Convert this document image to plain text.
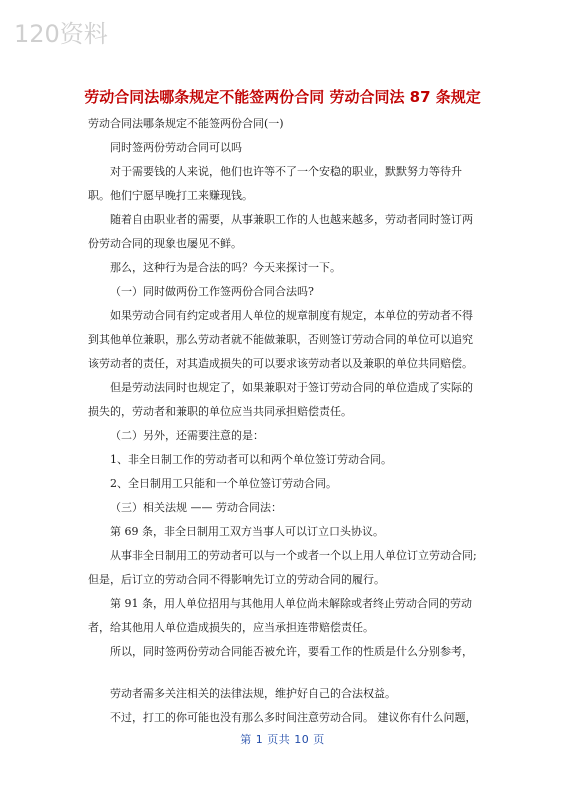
120资料
劳动合同法哪条规定不能签两份合同 劳动合同法 87 条规定

劳动合同法哪条规定不能签两份合同(一)

同时签两份劳动合同可以吗

对于需要钱的人来说，他们也许等不了一个安稳的职业，默默努力等待升职。他们宁愿早晚打工来赚现钱。

随着自由职业者的需要，从事兼职工作的人也越来越多，劳动者同时签订两份劳动合同的现象也屡见不鲜。

那么，这种行为是合法的吗？今天来探讨一下。

（一）同时做两份工作签两份合同合法吗?

如果劳动合同有约定或者用人单位的规章制度有规定，本单位的劳动者不得到其他单位兼职，那么劳动者就不能做兼职，否则签订劳动合同的单位可以追究该劳动者的责任，对其造成损失的可以要求该劳动者以及兼职的单位共同赔偿。

但是劳动法同时也规定了，如果兼职对于签订劳动合同的单位造成了实际的损失的，劳动者和兼职的单位应当共同承担赔偿责任。

（二）另外，还需要注意的是：

1、非全日制工作的劳动者可以和两个单位签订劳动合同。

2、全日制用工只能和一个单位签订劳动合同。

（三）相关法规 —— 劳动合同法：

第 69 条，非全日制用工双方当事人可以订立口头协议。

从事非全日制用工的劳动者可以与一个或者一个以上用人单位订立劳动合同;但是，后订立的劳动合同不得影响先订立的劳动合同的履行。

第 91 条，用人单位招用与其他用人单位尚未解除或者终止劳动合同的劳动者，给其他用人单位造成损失的，应当承担连带赔偿责任。

所以，同时签两份劳动合同能否被允许，要看工作的性质是什么分别参考，

劳动者需多关注相关的法律法规，维护好自己的合法权益。

不过，打工的你可能也没有那么多时间注意劳动合同。 建议你有什么问题，

第 1 页共 10 页
